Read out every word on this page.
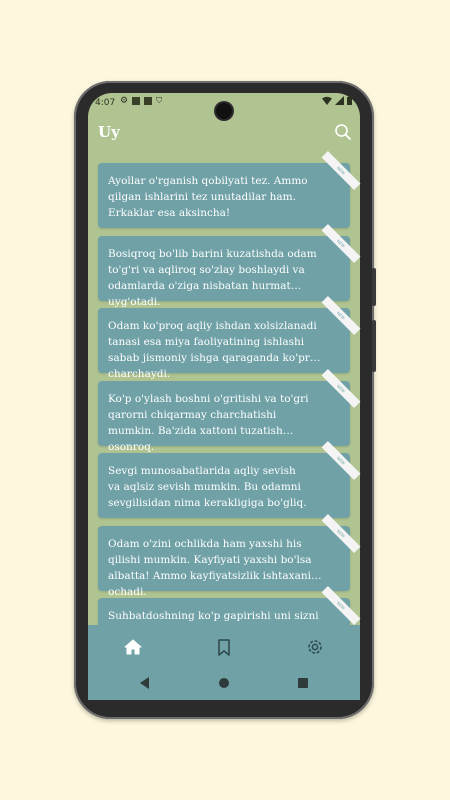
4:07 ⚙	⛉
Uy
Ayollar o'rganish qobilyati tez. Ammo qilgan ishlarini tez unutadilar ham. Erkaklar esa aksincha!
NEW
Bosiqroq bo'lib barini kuzatishda odam to'g'ri va aqliroq so'zlay boshlaydi va odamlarda o'ziga nisbatan hurmat uyg'otadi.
NEW
Odam ko'proq aqliy ishdan xolsizlanadi tanasi esa miya faoliyatining ishlashi sabab jismoniy ishga qaraganda ko'proq charchaydi.
NEW
Ko'p o'ylash boshni o'gritishi va to'gri qarorni chiqarmay charchatishi mumkin. Ba'zida xattoni tuzatish osonroq.
NEW
Sevgi munosabatlarida aqliy sevish
va aqlsiz sevish mumkin. Bu odamni sevgilisidan nima kerakligiga bo'gliq.
NEW
Odam o'zini ochlikda ham yaxshi his qilishi mumkin. Kayfiyati yaxshi bo'lsa albatta! Ammo kayfiyatsizlik ishtaxani ochadi.
NEW
Suhbatdoshning ko'p gapirishi uni sizni
NEW
